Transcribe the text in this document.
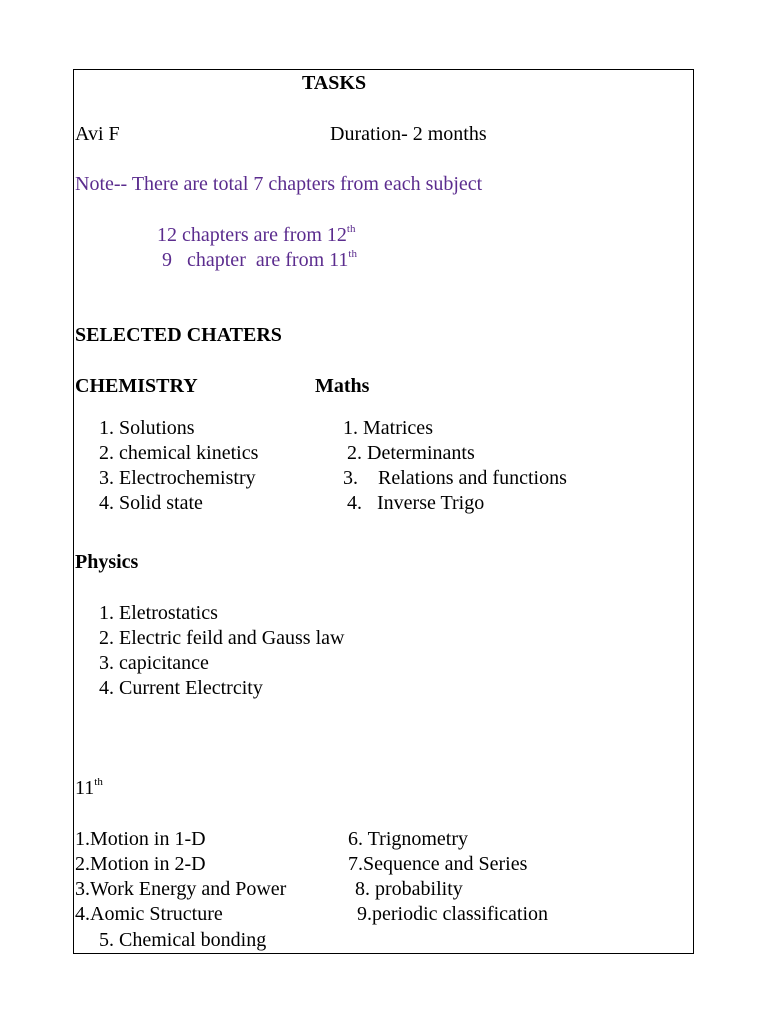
TASKS
Avi F	Duration- 2 months
Note-- There are total 7 chapters from each subject
12 chapters are from 12th
9   chapter  are from 11th
SELECTED CHATERS
CHEMISTRY	Maths
1. Solutions
2. chemical kinetics
3. Electrochemistry
4. Solid state
1. Matrices
2. Determinants
3.    Relations and functions
4.   Inverse Trigo
Physics
1. Eletrostatics
2. Electric feild and Gauss law
3. capicitance
4. Current Electrcity
11th
1.Motion in 1-D
2.Motion in 2-D
3.Work Energy and Power
4.Aomic Structure
5. Chemical bonding
6. Trignometry
7.Sequence and Series
8. probability
9.periodic classification
